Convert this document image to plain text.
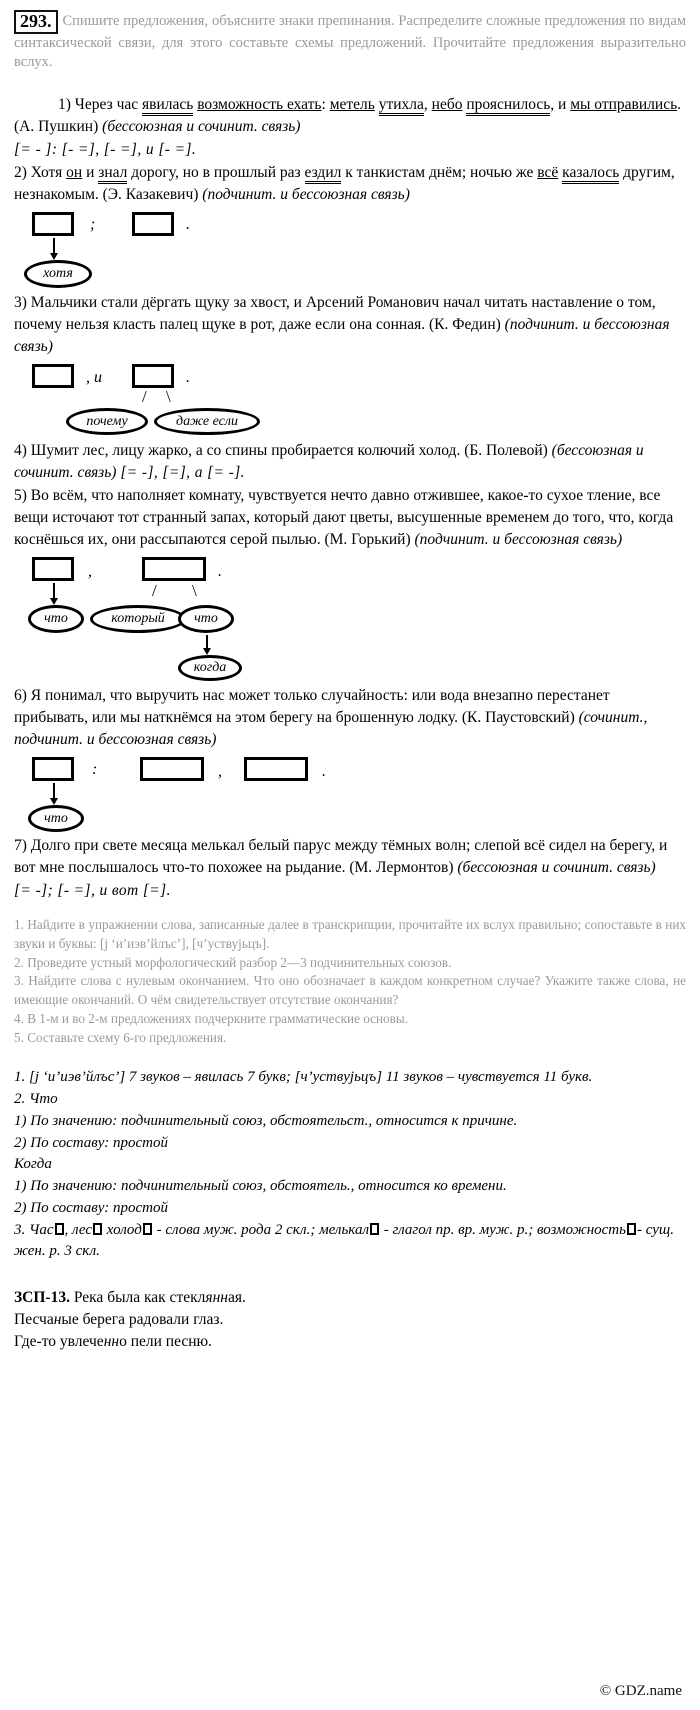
293. Спишите предложения, объясните знаки препинания. Распределите сложные предложения по видам синтаксической связи, для этого составьте схемы предложений. Прочитайте предложения выразительно вслух.

1) Через час явилась возможность ехать: метель утихла, небо прояснилось, и мы отправились. (А. Пушкин) (бессоюзная и сочинит. связь)

[= - ]: [- =], [- =], и [- =].

2) Хотя он и знал дорогу, но в прошлый раз ездил к танкистам днём; ночью же всё казалось другим, незнакомым. (Э. Казакевич) (подчинит. и бессоюзная связь)

;	.
хотя

3) Мальчики стали дёргать щуку за хвост, и Арсений Романович начал читать наставление о том, почему нельзя класть палец щуке в рот, даже если она сонная. (К. Федин) (подчинит. и бессоюзная связь)

, и	.
/ \
почему	даже если

4) Шумит лес, лицу жарко, а со спины пробирается колючий холод. (Б. Полевой) (бессоюзная и сочинит. связь) [= -], [=], а [= -].

5) Во всём, что наполняет комнату, чувствуется нечто давно отжившее, какое-то сухое тление, все вещи источают тот странный запах, который дают цветы, высушенные временем до того, что, когда коснёшься их, они рассыпаются серой пылью. (М. Горький) (подчинит. и бессоюзная связь)

,	.
/ \
что	который	что
когда

6) Я понимал, что выручить нас может только случайность: или вода внезапно перестанет прибывать, или мы наткнёмся на этом берегу на брошенную лодку. (К. Паустовский) (сочинит., подчинит. и бессоюзная связь)

:	,	.
что

7) Долго при свете месяца мелькал белый парус между тёмных волн; слепой всё сидел на берегу, и вот мне послышалось что-то похожее на рыдание. (М. Лермонтов) (бессоюзная и сочинит. связь)

[= -]; [- =], и вот [=].

1. Найдите в упражнении слова, записанные далее в транскрипции, прочитайте их вслух правильно; сопоставьте в них звуки и буквы: [j ‘и’иэв’йлъс’], [ч’уствуjьцъ].

2. Проведите устный морфологический разбор 2—3 подчинительных союзов.

3. Найдите слова с нулевым окончанием. Что оно обозначает в каждом конкретном случае? Укажите также слова, не имеющие окончаний. О чём свидетельствует отсутствие окончания?

4. В 1-м и во 2-м предложениях подчеркните грамматические основы.

5. Составьте схему 6-го предложения.

1. [j ‘и’иэв’йлъс’] 7 звуков – явилась 7 букв; [ч’уствуjьцъ] 11 звуков – чувствуется 11 букв.

2. Что

1) По значению: подчинительный союз, обстоятельст., относится к причине.

2) По составу: простой

Когда

1) По значению: подчинительный союз, обстоятель., относится ко времени.

2) По составу: простой

3. Час , лес холод - слова муж. рода 2 скл.; мелькал - глагол пр. вр. муж. р.; возможность - сущ. жен. р. 3 скл.

ЗСП-13. Река была как стеклянная.

Песчаные берега радовали глаз.

Где-то увлеченно пели песню.

© GDZ.name
